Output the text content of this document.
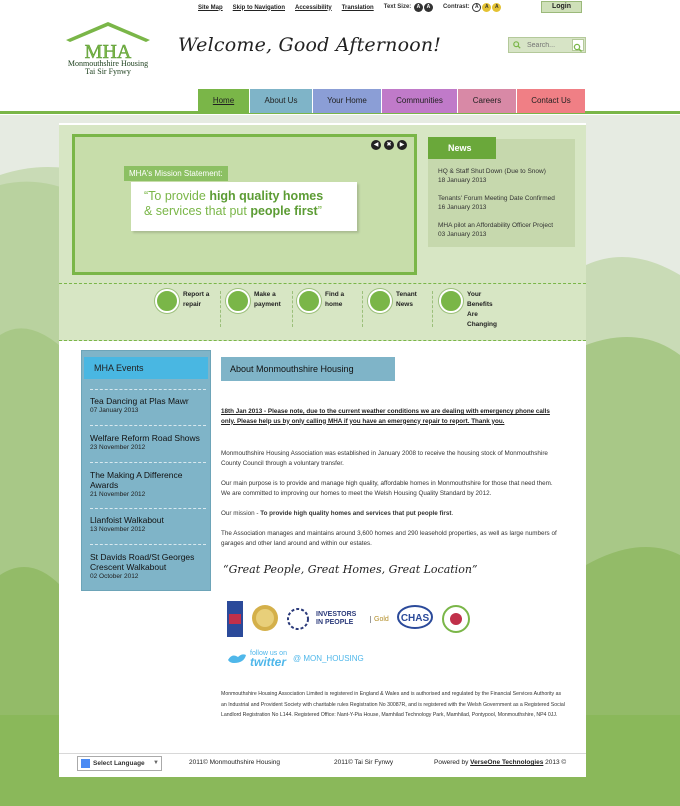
Site Map Skip to Navigation Accessibility Translation Text Size: A A	Contrast: A A A	Login
MHA
Monmouthshire Housing
Tai Sir Fynwy
Welcome, Good Afternoon!
Search...
Home	About Us	Your Home	Communities	Careers	Contact Us
◀	✖	▶
MHA's Mission Statement:
“To provide high quality homes
& services that put people first”
News
HQ & Staff Shut Down (Due to Snow)
18 January 2013
Tenants' Forum Meeting Date Confirmed
16 January 2013
MHA pilot an Affordability Officer Project
03 January 2013
Report a
repair
Make a
payment
Find a
home
Tenant
News
Your
Benefits
Are
Changing
MHA Events
Tea Dancing at Plas Mawr
07 January 2013
Welfare Reform Road Shows
23 November 2012
The Making A Difference Awards
21 November 2012
Llanfoist Walkabout
13 November 2012
St Davids Road/St Georges Crescent Walkabout
02 October 2012
About Monmouthshire Housing
18th Jan 2013 - Please note, due to the current weather conditions we are dealing with emergency phone calls only. Please help us by only calling MHA if you have an emergency repair to report. Thank you.
Monmouthshire Housing Association was established in January 2008 to receive the housing stock of Monmouthshire County Council through a voluntary transfer.
Our main purpose is to provide and manage high quality, affordable homes in Monmouthshire for those that need them. We are committed to improving our homes to meet the Welsh Housing Quality Standard by 2012.
Our mission - To provide high quality homes and services that put people first.
The Association manages and maintains around 3,600 homes and 290 leasehold properties, as well as large numbers of garages and other land around and within our estates.
“Great People, Great Homes, Great Location”
INVESTORS IN PEOPLE	Gold CHAS
follow us on
twitter @ MON_HOUSING
Monmouthshire Housing Association Limited is registered in England & Wales and is authorised and regulated by the Financial Services Authority as an Industrial and Provident Society with charitable rules Registration No 30087R, and is registered with the Welsh Government as a Registered Social Landlord Registration No L144. Registered Office: Nant-Y-Pia House, Mamhilad Technology Park, Mamhilad, Pontypool, Monmouthshire, NP4 0JJ.
Select Language ▼	2011© Monmouthshire Housing	2011© Tai Sir Fynwy	Powered by VerseOne Technologies 2013 ©
